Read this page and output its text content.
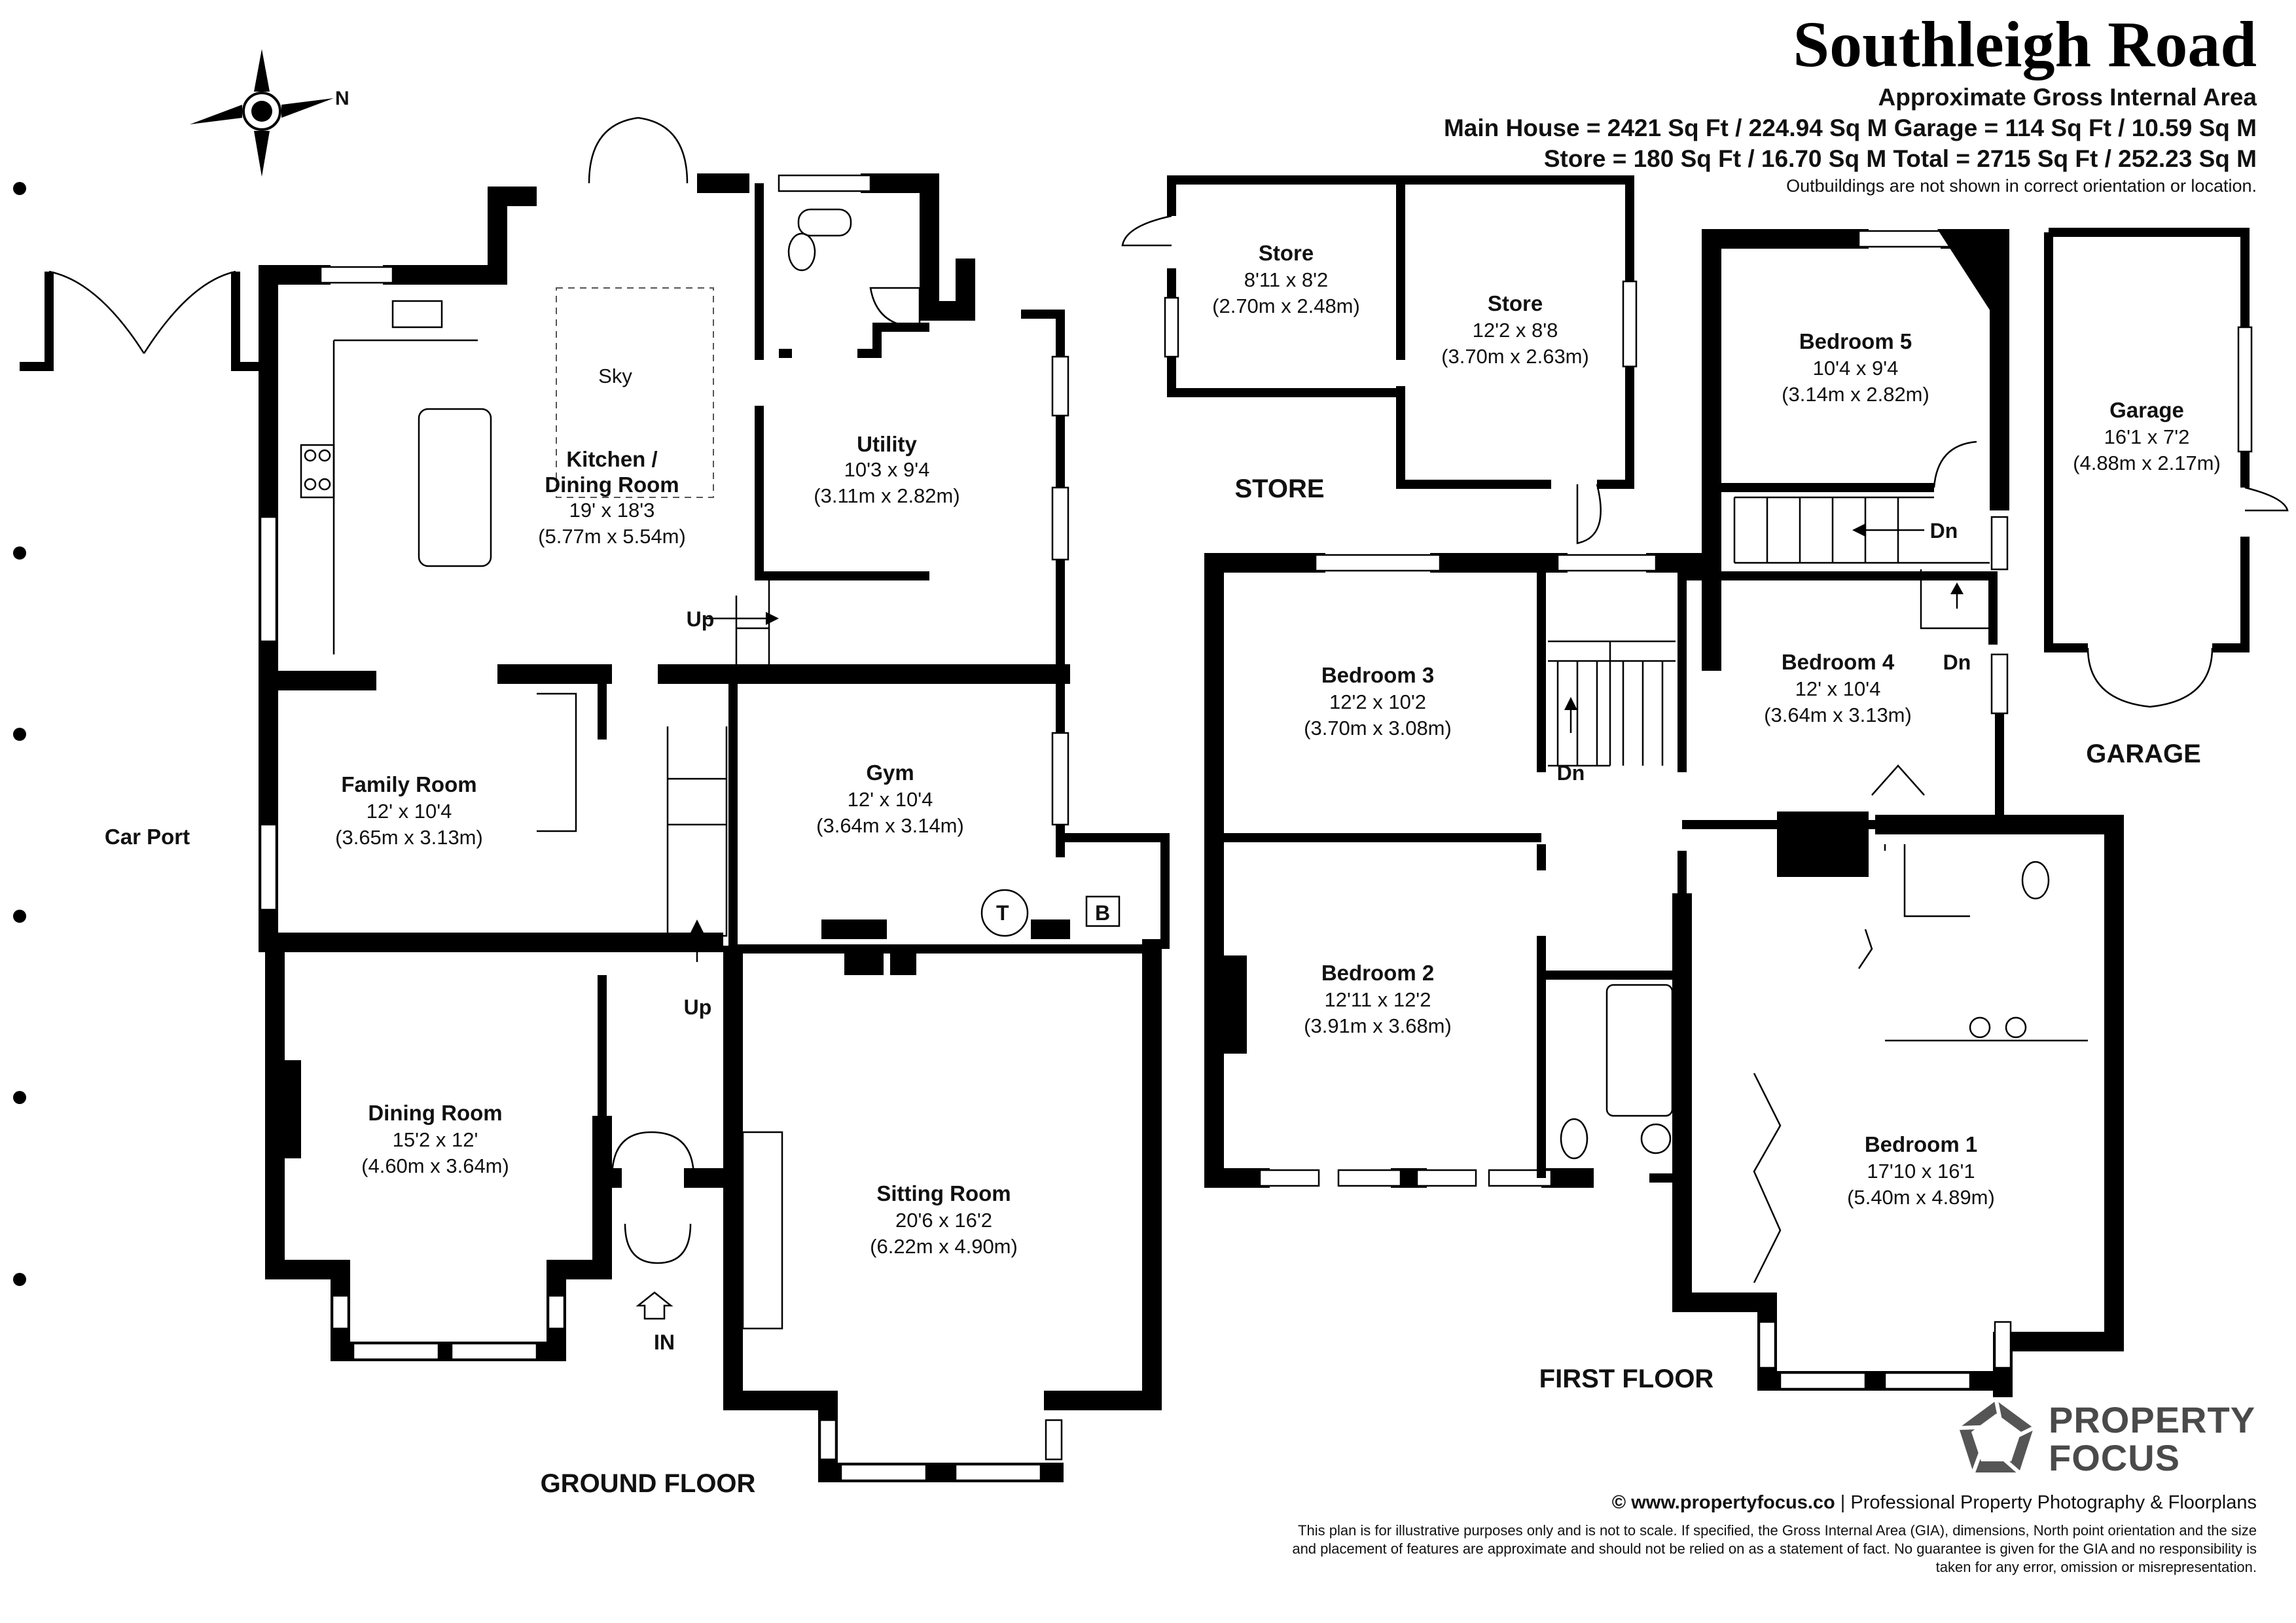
Southleigh Road
Approximate Gross Internal Area
Main House = 2421 Sq Ft / 224.94 Sq M Garage = 114 Sq Ft / 10.59 Sq M
Store = 180 Sq Ft / 16.70 Sq M Total = 2715 Sq Ft / 252.23 Sq M
Outbuildings are not shown in correct orientation or location.
N
T	B
Sky
Kitchen /
Dining Room
19' x 18'3
(5.77m x 5.54m)
Utility
10'3 x 9'4
(3.11m x 2.82m)
Up
Family Room
12' x 10'4
(3.65m x 3.13m)
Gym
12' x 10'4
(3.64m x 3.14m)
Car Port
Up
Dining Room
15'2 x 12'
(4.60m x 3.64m)
Sitting Room
20'6 x 16'2
(6.22m x 4.90m)
IN
GROUND FLOOR
Store
8'11 x 8'2
(2.70m x 2.48m)	Store
12'2 x 8'8
(3.70m x 2.63m)
STORE
Bedroom 5
10'4 x 9'4
(3.14m x 2.82m)
Dn
Dn
Garage
16'1 x 7'2
(4.88m x 2.17m)
GARAGE
Bedroom 3
12'2 x 10'2
(3.70m x 3.08m)
Bedroom 4
12' x 10'4
(3.64m x 3.13m)
Dn
Bedroom 2
12'11 x 12'2
(3.91m x 3.68m)
Bedroom 1
17'10 x 16'1
(5.40m x 4.89m)
FIRST FLOOR
PROPERTY
FOCUS
© www.propertyfocus.co | Professional Property Photography & Floorplans
This plan is for illustrative purposes only and is not to scale. If specified, the Gross Internal Area (GIA), dimensions, North point orientation and the size and placement of features are approximate and should not be relied on as a statement of fact. No guarantee is given for the GIA and no responsibility is taken for any error, omission or misrepresentation.
